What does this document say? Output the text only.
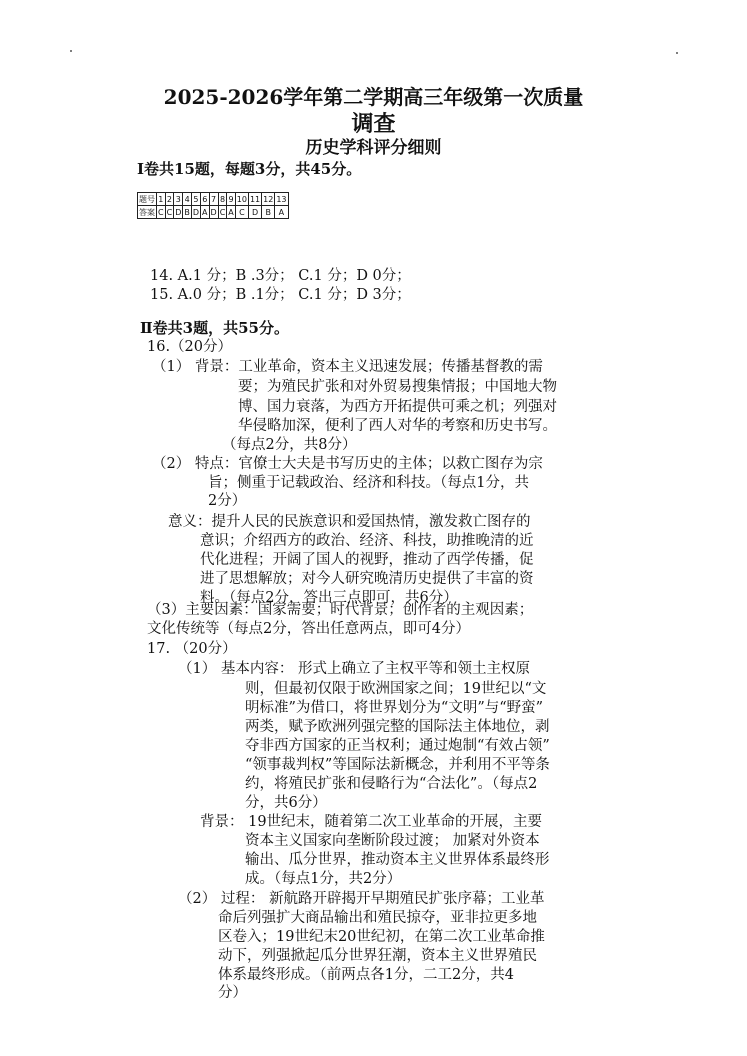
2025-2026学年第二学期高三年级第一次质量
调查
历史学科评分细则
Ⅰ卷共15题，每题3分，共45分。
题号	1	2	3	4	5	6	7	8	9	10	11	12	13
答案	C	C	D	B	D	A	D	C	A	C	D	B	A
14. A.1 分；B .3分； C.1 分；D 0分；
15. A.0 分；B .1分； C.1 分；D 3分；
Ⅱ卷共3题，共55分。
16.（20分）
（1） 背景：工业革命，资本主义迅速发展；传播基督教的需
要；为殖民扩张和对外贸易搜集情报；中国地大物
博、国力衰落，为西方开拓提供可乘之机；列强对
华侵略加深，便利了西人对华的考察和历史书写。
（每点2分，共8分）
（2） 特点：官僚士大夫是书写历史的主体；以救亡图存为宗
旨；侧重于记载政治、经济和科技。（每点1分，共
2分）
意义：提升人民的民族意识和爱国热情，激发救亡图存的
意识；介绍西方的政治、经济、科技，助推晚清的近
代化进程；开阔了国人的视野，推动了西学传播，促
进了思想解放；对今人研究晚清历史提供了丰富的资
料。（每点2分，答出三点即可，共6分）
（3）主要因素：国家需要；时代背景；创作者的主观因素；
文化传统等（每点2分，答出任意两点，即可4分）
17. （20分）
（1） 基本内容： 形式上确立了主权平等和领土主权原
则，但最初仅限于欧洲国家之间；19世纪以“文
明标准”为借口，将世界划分为“文明”与“野蛮”
两类，赋予欧洲列强完整的国际法主体地位，剥
夺非西方国家的正当权利；通过炮制“有效占领”
“领事裁判权”等国际法新概念，并利用不平等条
约，将殖民扩张和侵略行为“合法化”。（每点2
分，共6分）
背景： 19世纪末，随着第二次工业革命的开展，主要
资本主义国家向垄断阶段过渡； 加紧对外资本
输出、瓜分世界，推动资本主义世界体系最终形
成。（每点1分，共2分）
（2） 过程： 新航路开辟揭开早期殖民扩张序幕；工业革
命后列强扩大商品输出和殖民掠夺，亚非拉更多地
区卷入；19世纪末20世纪初，在第二次工业革命推
动下，列强掀起瓜分世界狂潮，资本主义世界殖民
体系最终形成。（前两点各1分，二工2分，共4
分）
